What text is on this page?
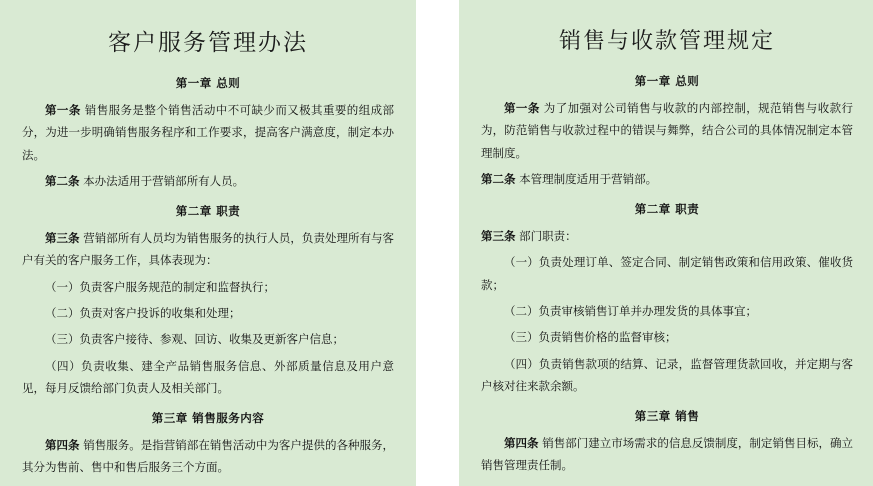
客户服务管理办法
第一章 总则

第一条 销售服务是整个销售活动中不可缺少而又极其重要的组成部分，为进一步明确销售服务程序和工作要求，提高客户满意度，制定本办法。

第二条 本办法适用于营销部所有人员。

第二章 职责

第三条 营销部所有人员均为销售服务的执行人员，负责处理所有与客户有关的客户服务工作，具体表现为：

（一）负责客户服务规范的制定和监督执行；

（二）负责对客户投诉的收集和处理；

（三）负责客户接待、参观、回访、收集及更新客户信息；

（四）负责收集、建全产品销售服务信息、外部质量信息及用户意见，每月反馈给部门负责人及相关部门。

第三章 销售服务内容

第四条 销售服务。是指营销部在销售活动中为客户提供的各种服务，其分为售前、售中和售后服务三个方面。

销售与收款管理规定
第一章 总则

第一条 为了加强对公司销售与收款的内部控制，规范销售与收款行为，防范销售与收款过程中的错误与舞弊，结合公司的具体情况制定本管理制度。

第二条 本管理制度适用于营销部。

第二章 职责

第三条 部门职责：

（一）负责处理订单、签定合同、制定销售政策和信用政策、催收货款；

（二）负责审核销售订单并办理发货的具体事宜；

（三）负责销售价格的监督审核；

（四）负责销售款项的结算、记录，监督管理货款回收，并定期与客户核对往来款余额。

第三章 销售

第四条 销售部门建立市场需求的信息反馈制度，制定销售目标，确立销售管理责任制。
